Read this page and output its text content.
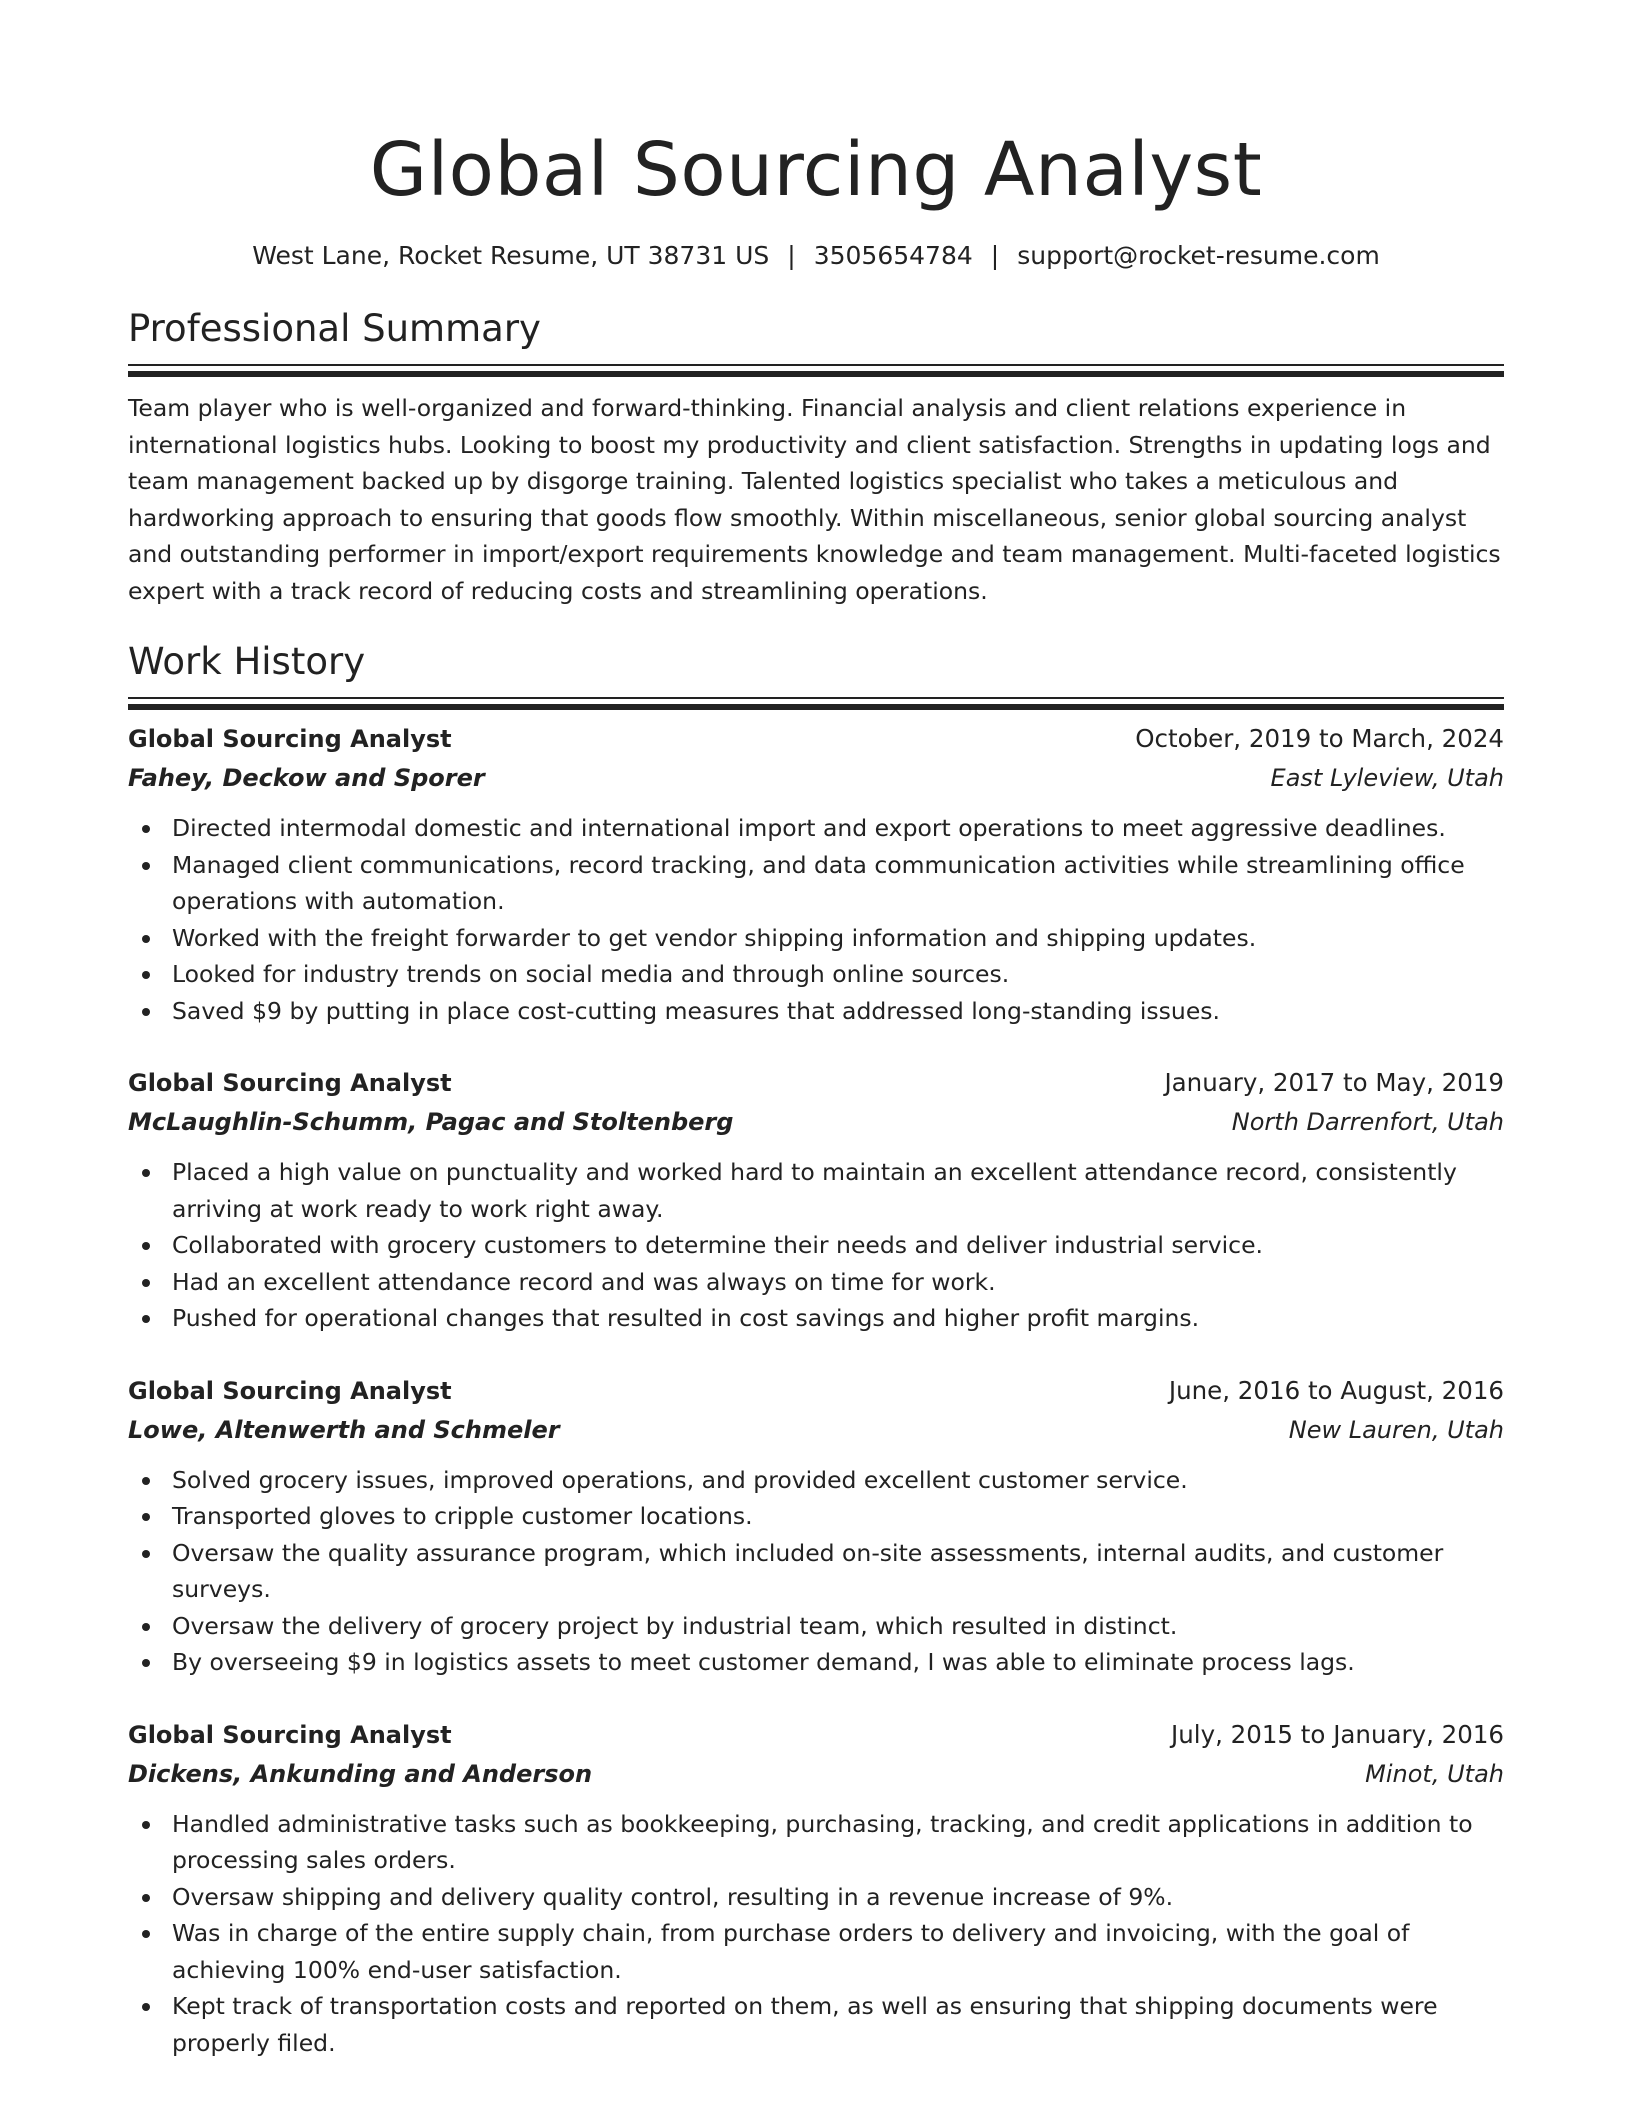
Global Sourcing Analyst
West Lane, Rocket Resume, UT 38731 US | 3505654784 | support@rocket-resume.com
Professional Summary

Team player who is well-organized and forward-thinking. Financial analysis and client relations experience in international logistics hubs. Looking to boost my productivity and client satisfaction. Strengths in updating logs and team management backed up by disgorge training. Talented logistics specialist who takes a meticulous and hardworking approach to ensuring that goods flow smoothly. Within miscellaneous, senior global sourcing analyst and outstanding performer in import/export requirements knowledge and team management. Multi-faceted logistics expert with a track record of reducing costs and streamlining operations.

Work History
Global Sourcing Analyst	October, 2019 to March, 2024
Fahey, Deckow and Sporer	East Lyleview, Utah
Directed intermodal domestic and international import and export operations to meet aggressive deadlines.
Managed client communications, record tracking, and data communication activities while streamlining office operations with automation.
Worked with the freight forwarder to get vendor shipping information and shipping updates.
Looked for industry trends on social media and through online sources.
Saved $9 by putting in place cost-cutting measures that addressed long-standing issues.
Global Sourcing Analyst	January, 2017 to May, 2019
McLaughlin-Schumm, Pagac and Stoltenberg	North Darrenfort, Utah
Placed a high value on punctuality and worked hard to maintain an excellent attendance record, consistently arriving at work ready to work right away.
Collaborated with grocery customers to determine their needs and deliver industrial service.
Had an excellent attendance record and was always on time for work.
Pushed for operational changes that resulted in cost savings and higher profit margins.
Global Sourcing Analyst	June, 2016 to August, 2016
Lowe, Altenwerth and Schmeler	New Lauren, Utah
Solved grocery issues, improved operations, and provided excellent customer service.
Transported gloves to cripple customer locations.
Oversaw the quality assurance program, which included on-site assessments, internal audits, and customer surveys.
Oversaw the delivery of grocery project by industrial team, which resulted in distinct.
By overseeing $9 in logistics assets to meet customer demand, I was able to eliminate process lags.
Global Sourcing Analyst	July, 2015 to January, 2016
Dickens, Ankunding and Anderson	Minot, Utah
Handled administrative tasks such as bookkeeping, purchasing, tracking, and credit applications in addition to processing sales orders.
Oversaw shipping and delivery quality control, resulting in a revenue increase of 9%.
Was in charge of the entire supply chain, from purchase orders to delivery and invoicing, with the goal of achieving 100% end-user satisfaction.
Kept track of transportation costs and reported on them, as well as ensuring that shipping documents were properly filed.
